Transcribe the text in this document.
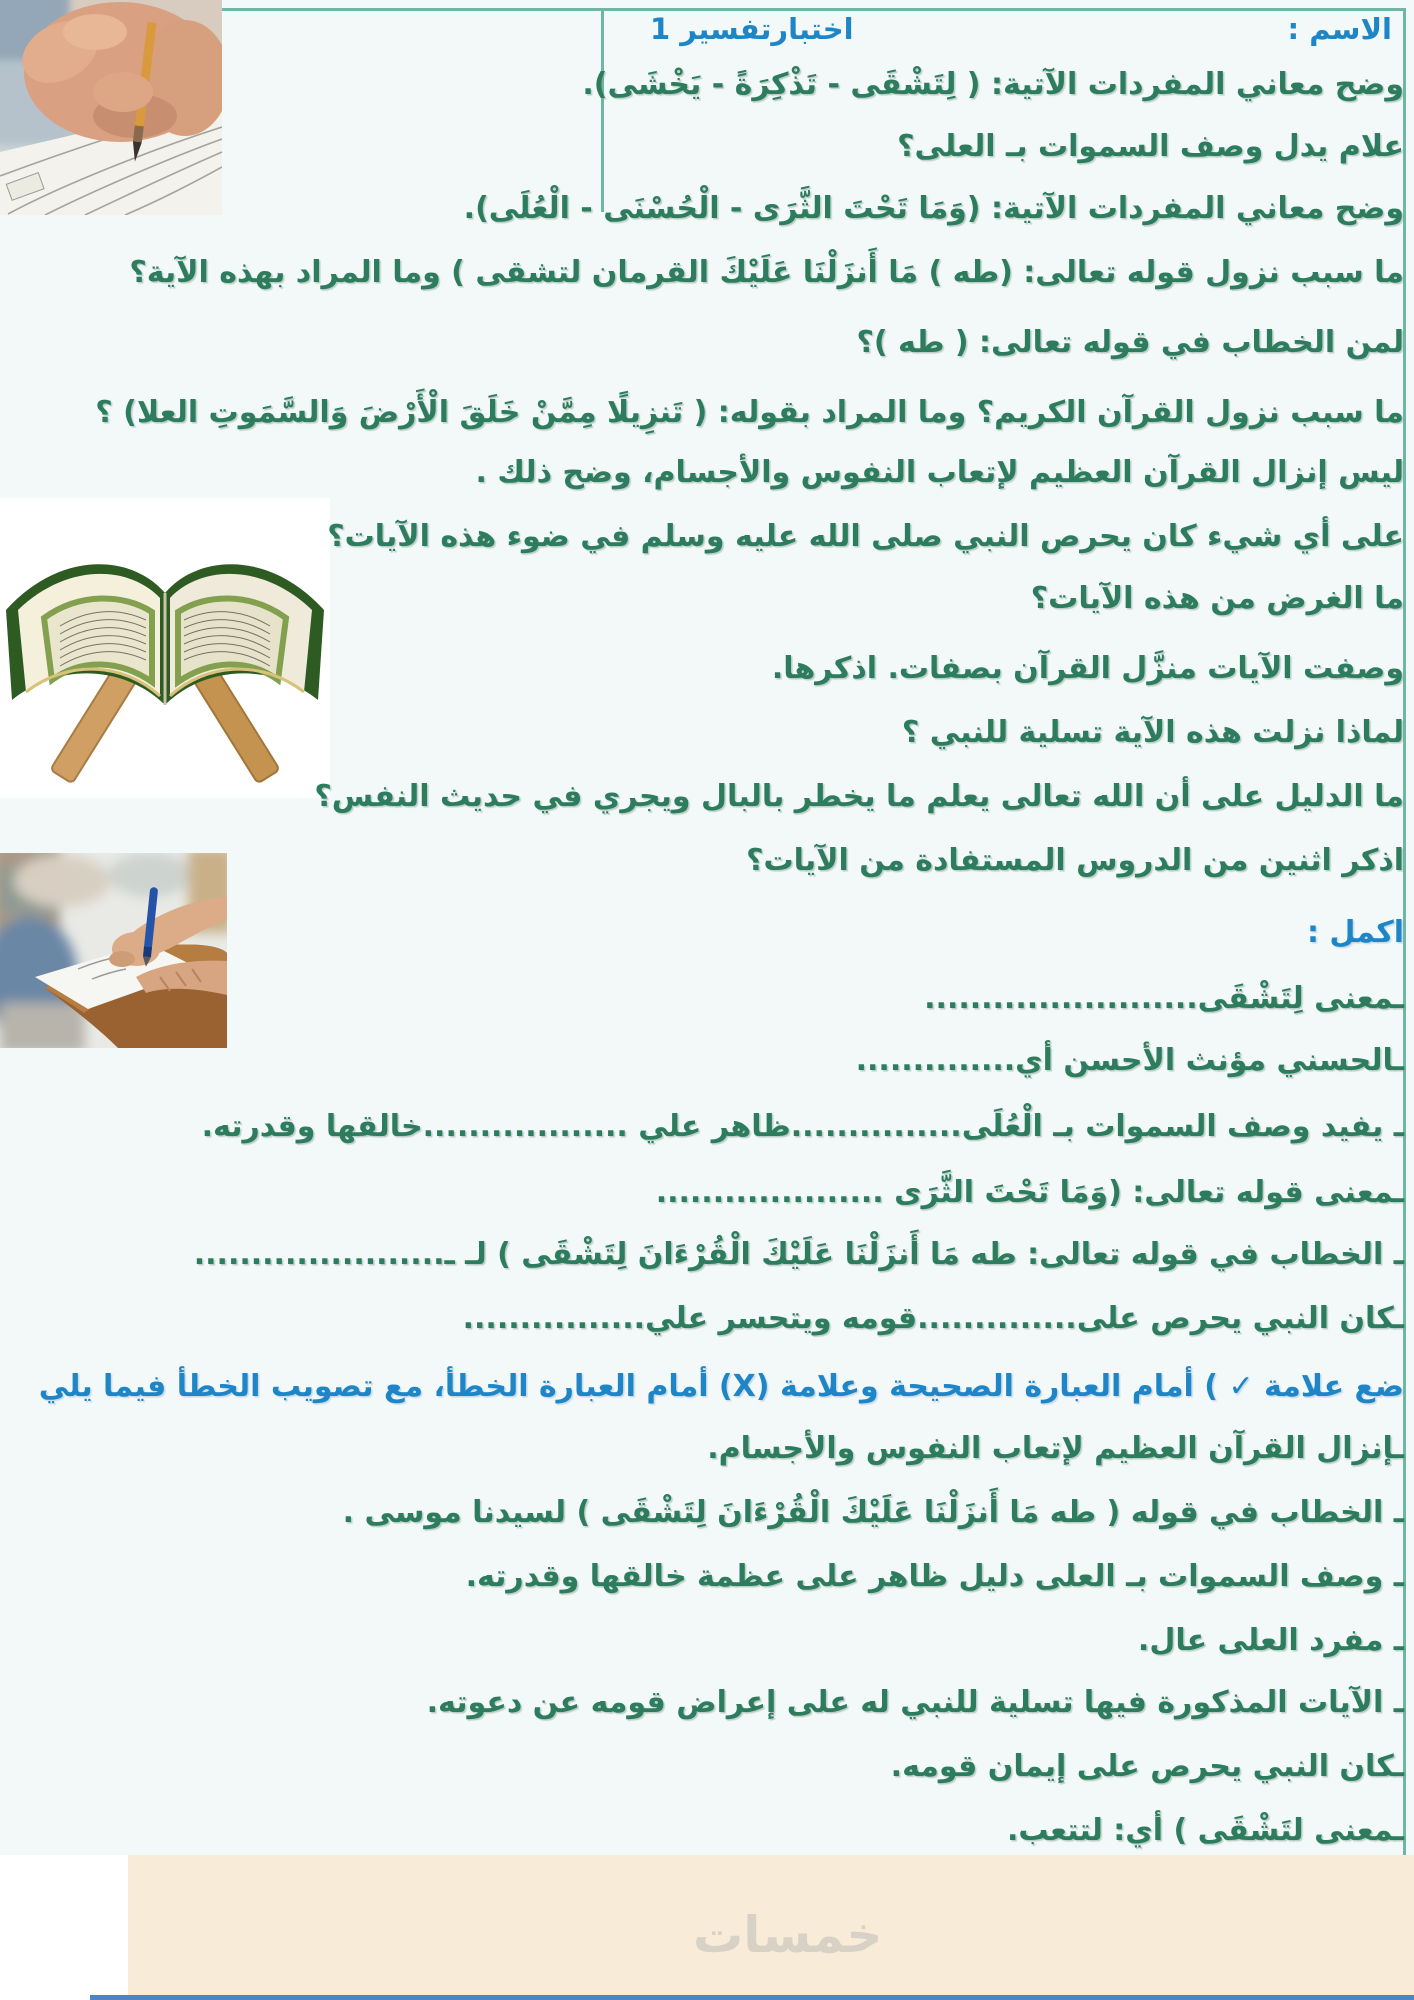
الاسم :
اختبارتفسير 1
وضح معاني المفردات الآتية: ( لِتَشْقَى - تَذْكِرَةً - يَخْشَى).
علام يدل وصف السموات بـ العلى؟
وضح معاني المفردات الآتية: (وَمَا تَحْتَ الثَّرَى - الْحُسْنَى - الْعُلَى).
ما سبب نزول قوله تعالى: (طه ) مَا أَنزَلْنَا عَلَيْكَ القرمان لتشقى ) وما المراد بهذه الآية؟
لمن الخطاب في قوله تعالى: ( طه )؟
ما سبب نزول القرآن الكريم؟ وما المراد بقوله: ( تَنزِيلًا مِمَّنْ خَلَقَ الْأَرْضَ وَالسَّمَوتِ العلا) ؟
ليس إنزال القرآن العظيم لإتعاب النفوس والأجسام، وضح ذلك .
على أي شيء كان يحرص النبي صلى الله عليه وسلم في ضوء هذه الآيات؟
ما الغرض من هذه الآيات؟
وصفت الآيات منزَّل القرآن بصفات. اذكرها.
لماذا نزلت هذه الآية تسلية للنبي ؟
ما الدليل على أن الله تعالى يعلم ما يخطر بالبال ويجري في حديث النفس؟
اذكر اثنين من الدروس المستفادة من الآيات؟
اكمل :
ـمعنى لِتَشْقَى........................
ـالحسني مؤنث الأحسن أي..............
ـ يفيد وصف السموات بـ الْعُلَى...............ظاهر علي ..................خالقها وقدرته.
ـمعنى قوله تعالى: (وَمَا تَحْتَ الثَّرَى ....................
ـ الخطاب في قوله تعالى: طه مَا أَنزَلْنَا عَلَيْكَ الْقُرْءَانَ لِتَشْقَى ) لـ ـ......................
ـكان النبي يحرص على..............قومه ويتحسر علي................
ضع علامة ✓ ) أمام العبارة الصحيحة وعلامة (X) أمام العبارة الخطأ، مع تصويب الخطأ فيما يلي
ـإنزال القرآن العظيم لإتعاب النفوس والأجسام.
ـ الخطاب في قوله ( طه مَا أَنزَلْنَا عَلَيْكَ الْقُرْءَانَ لِتَشْقَى ) لسيدنا موسى .
ـ وصف السموات بـ العلى دليل ظاهر على عظمة خالقها وقدرته.
ـ مفرد العلى عال.
ـ الآيات المذكورة فيها تسلية للنبي له على إعراض قومه عن دعوته.
ـكان النبي يحرص على إيمان قومه.
ـمعنى لتَشْقَى ) أي: لتتعب.
خمسات
